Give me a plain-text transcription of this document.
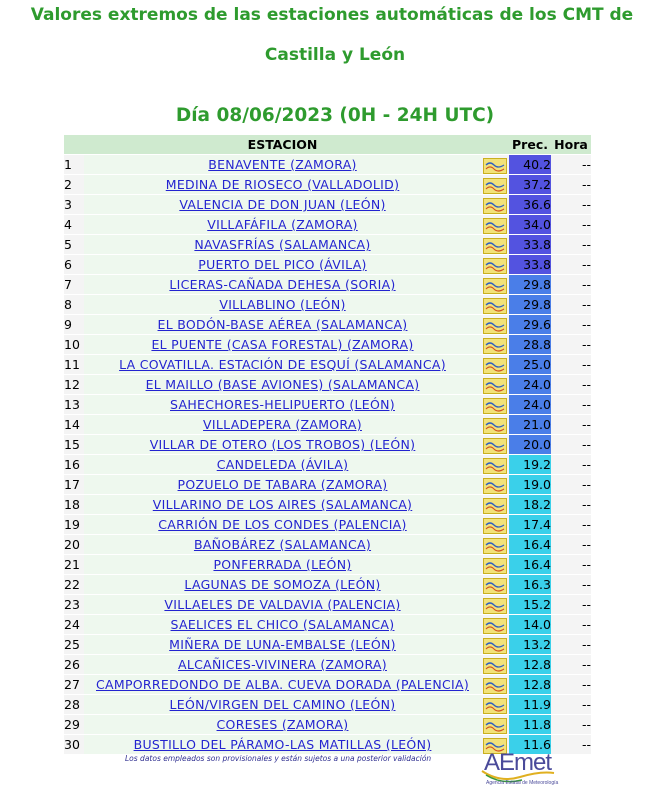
Valores extremos de las estaciones automáticas de los CMT de
Castilla y León
Día 08/06/2023 (0H - 24H UTC)
	ESTACION		Prec.	Hora
1	BENAVENTE (ZAMORA)		40.2	--
2	MEDINA DE RIOSECO (VALLADOLID)		37.2	--
3	VALENCIA DE DON JUAN (LEÓN)		36.6	--
4	VILLAFÁFILA (ZAMORA)		34.0	--
5	NAVASFRÍAS (SALAMANCA)		33.8	--
6	PUERTO DEL PICO (ÁVILA)		33.8	--
7	LICERAS-CAÑADA DEHESA (SORIA)		29.8	--
8	VILLABLINO (LEÓN)		29.8	--
9	EL BODÓN-BASE AÉREA (SALAMANCA)		29.6	--
10	EL PUENTE (CASA FORESTAL) (ZAMORA)		28.8	--
11	LA COVATILLA. ESTACIÓN DE ESQUÍ (SALAMANCA)		25.0	--
12	EL MAILLO (BASE AVIONES) (SALAMANCA)		24.0	--
13	SAHECHORES-HELIPUERTO (LEÓN)		24.0	--
14	VILLADEPERA (ZAMORA)		21.0	--
15	VILLAR DE OTERO (LOS TROBOS) (LEÓN)		20.0	--
16	CANDELEDA (ÁVILA)		19.2	--
17	POZUELO DE TABARA (ZAMORA)		19.0	--
18	VILLARINO DE LOS AIRES (SALAMANCA)		18.2	--
19	CARRIÓN DE LOS CONDES (PALENCIA)		17.4	--
20	BAÑOBÁREZ (SALAMANCA)		16.4	--
21	PONFERRADA (LEÓN)		16.4	--
22	LAGUNAS DE SOMOZA (LEÓN)		16.3	--
23	VILLAELES DE VALDAVIA (PALENCIA)		15.2	--
24	SAELICES EL CHICO (SALAMANCA)		14.0	--
25	MIÑERA DE LUNA-EMBALSE (LEÓN)		13.2	--
26	ALCAÑICES-VIVINERA (ZAMORA)		12.8	--
27	CAMPORREDONDO DE ALBA. CUEVA DORADA (PALENCIA)		12.8	--
28	LEÓN/VIRGEN DEL CAMINO (LEÓN)		11.9	--
29	CORESES (ZAMORA)		11.8	--
30	BUSTILLO DEL PÁRAMO-LAS MATILLAS (LEÓN)		11.6	--
Los datos empleados son provisionales y están sujetos a una posterior validación AEmet
Agencia Estatal de Meteorología
